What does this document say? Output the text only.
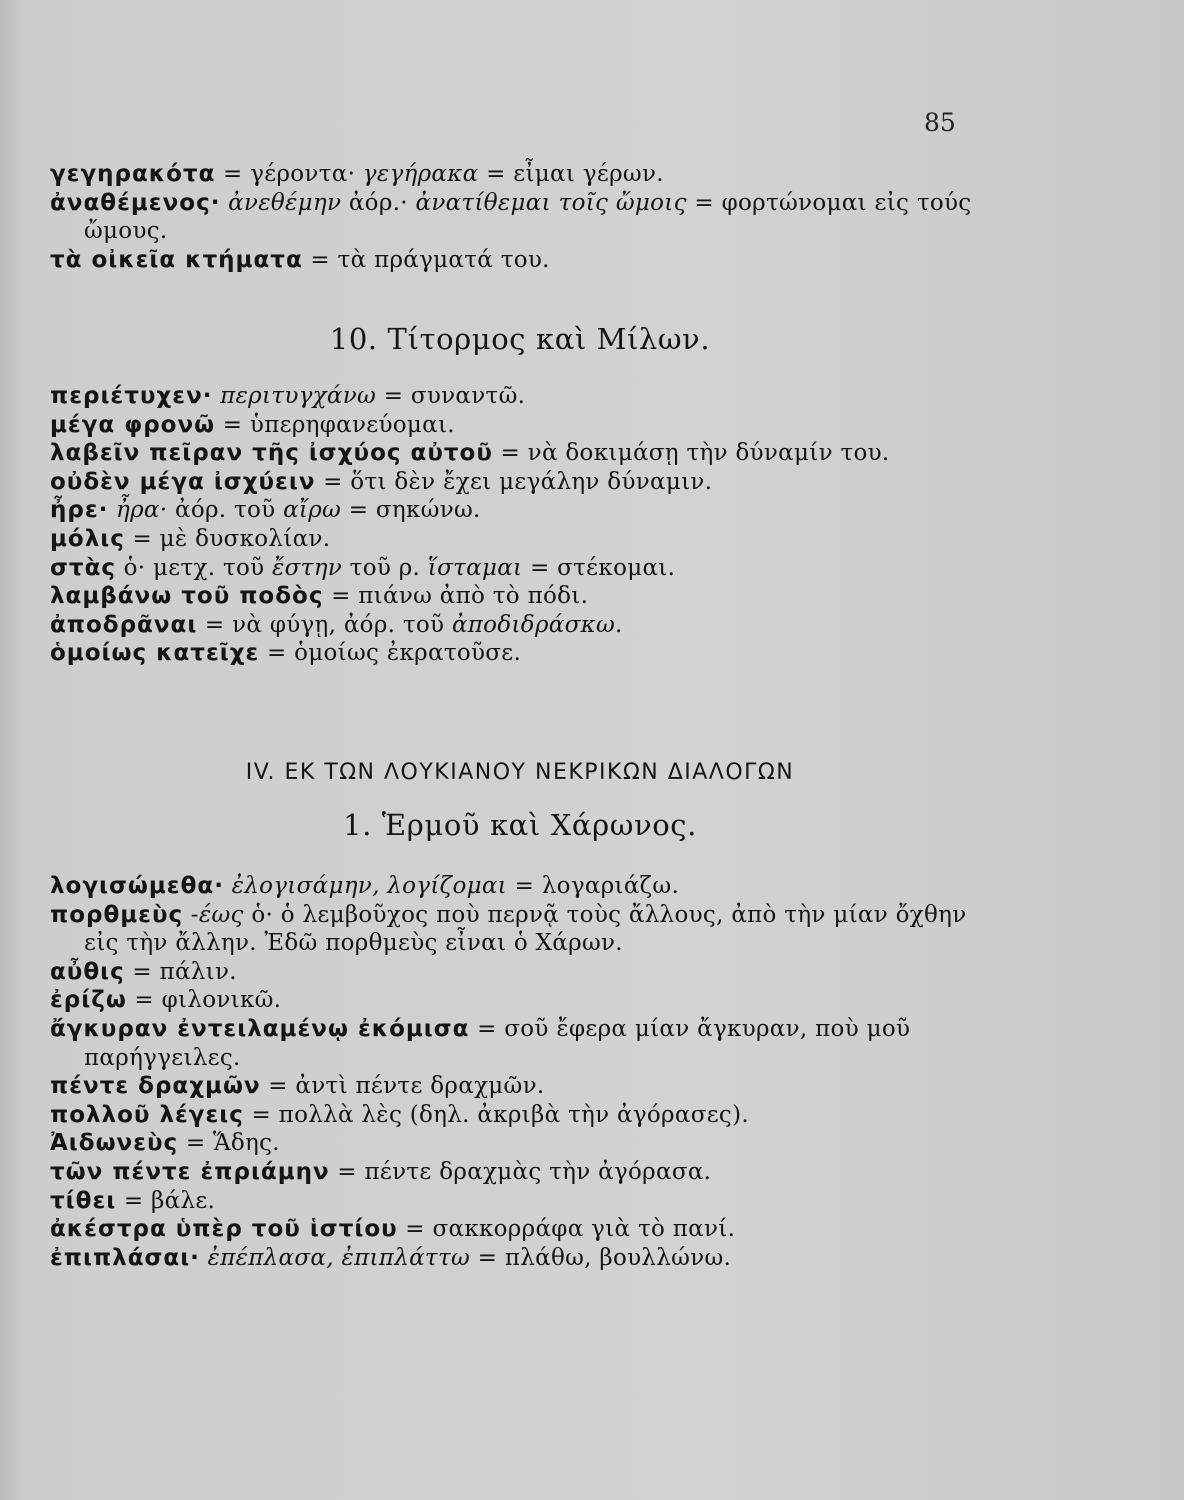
85
γεγηρακότα = γέροντα· γεγήρακα = εἶμαι γέρων.
ἀναθέμενος· ἀνεθέμην ἀόρ.· ἀνατίθεμαι τοῖς ὤμοις = φορτώνομαι εἰς τούς ὤμους.
τὰ οἰκεῖα κτήματα = τὰ πράγματά του.
10. Τίτορμος καὶ Μίλων.
περιέτυχεν· περιτυγχάνω = συναντῶ.
μέγα φρονῶ = ὑπερηφανεύομαι.
λαβεῖν πεῖραν τῆς ἰσχύος αὐτοῦ = νὰ δοκιμάσῃ τὴν δύναμίν του.
οὐδὲν μέγα ἰσχύειν = ὅτι δὲν ἔχει μεγάλην δύναμιν.
ἦρε· ἦρα· ἀόρ. τοῦ αἴρω = σηκώνω.
μόλις = μὲ δυσκολίαν.
στὰς ὁ· μετχ. τοῦ ἔστην τοῦ ρ. ἵσταμαι = στέκομαι.
λαμβάνω τοῦ ποδὸς = πιάνω ἀπὸ τὸ πόδι.
ἀποδρᾶναι = νὰ φύγῃ, ἀόρ. τοῦ ἀποδιδράσκω.
ὁμοίως κατεῖχε = ὁμοίως ἐκρατοῦσε.
IV. ΕΚ ΤΩΝ ΛΟΥΚΙΑΝΟΥ ΝΕΚΡΙΚΩΝ ΔΙΑΛΟΓΩΝ
1. Ἑρμοῦ καὶ Χάρωνος.
λογισώμεθα· ἐλογισάμην, λογίζομαι = λογαριάζω.
πορθμεὺς -έως ὁ· ὁ λεμβοῦχος ποὺ περνᾷ τοὺς ἄλλους, ἀπὸ τὴν μίαν ὄχθην εἰς τὴν ἄλλην. Ἐδῶ πορθμεὺς εἶναι ὁ Χάρων.
αὖθις = πάλιν.
ἐρίζω = φιλονικῶ.
ἄγκυραν ἐντειλαμένῳ ἐκόμισα = σοῦ ἔφερα μίαν ἄγκυραν, ποὺ μοῦ παρήγγειλες.
πέντε δραχμῶν = ἀντὶ πέντε δραχμῶν.
πολλοῦ λέγεις = πολλὰ λὲς (δηλ. ἀκριβὰ τὴν ἀγόρασες).
Ἀιδωνεὺς = Ἅδης.
τῶν πέντε ἐπριάμην = πέντε δραχμὰς τὴν ἀγόρασα.
τίθει = βάλε.
ἀκέστρα ὑπὲρ τοῦ ἱστίου = σακκορράφα γιὰ τὸ πανί.
ἐπιπλάσαι· ἐπέπλασα, ἐπιπλάττω = πλάθω, βουλλώνω.
